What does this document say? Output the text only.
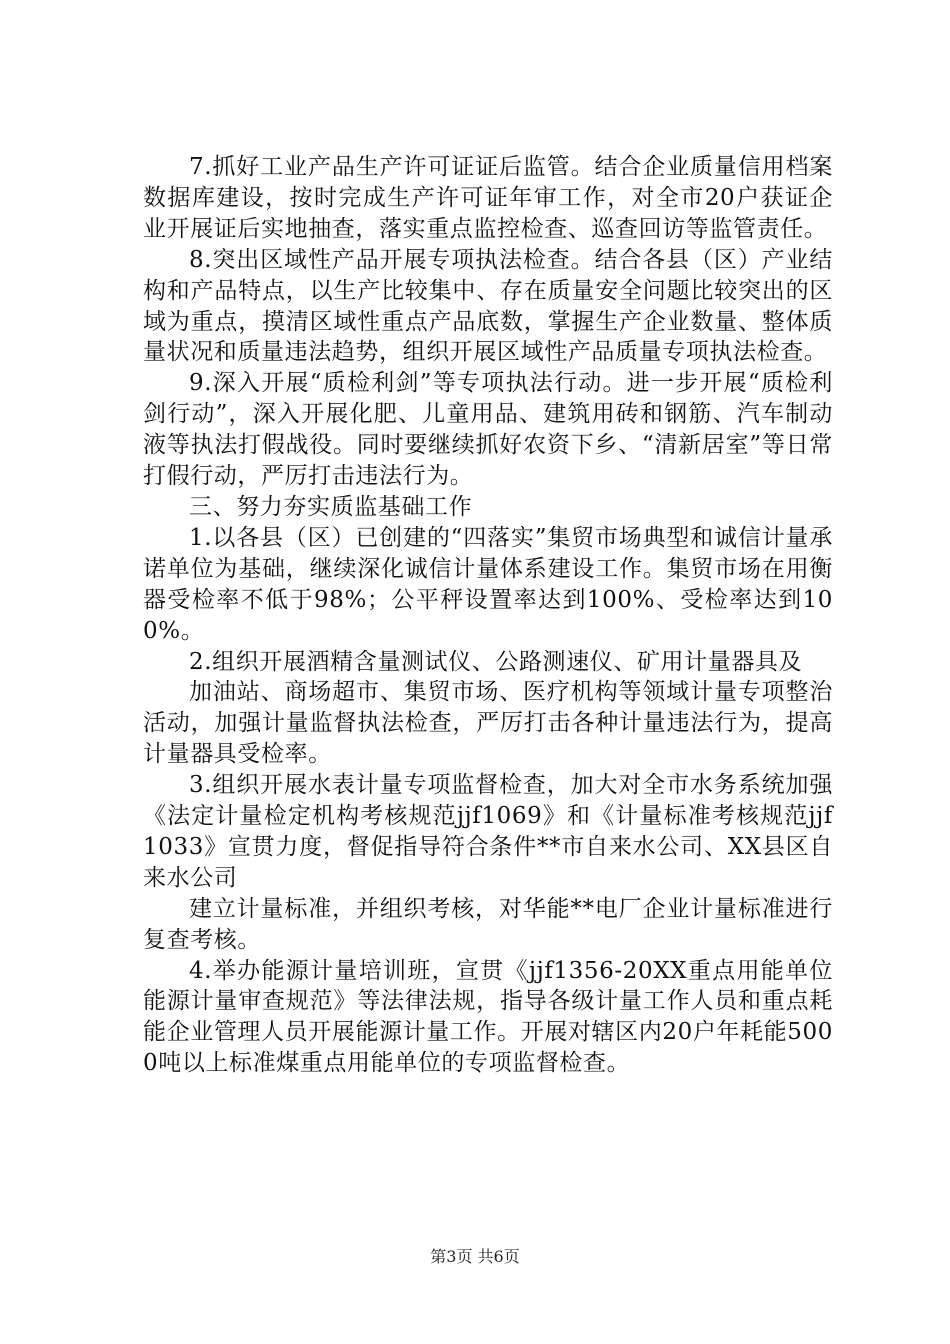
7.抓好工业产品生产许可证证后监管。结合企业质量信用档案数据库建设，按时完成生产许可证年审工作，对全市20户获证企业开展证后实地抽查，落实重点监控检查、巡查回访等监管责任。

8.突出区域性产品开展专项执法检查。结合各县（区）产业结构和产品特点，以生产比较集中、存在质量安全问题比较突出的区域为重点，摸清区域性重点产品底数，掌握生产企业数量、整体质量状况和质量违法趋势，组织开展区域性产品质量专项执法检查。

9.深入开展“质检利剑”等专项执法行动。进一步开展“质检利剑行动”，深入开展化肥、儿童用品、建筑用砖和钢筋、汽车制动液等执法打假战役。同时要继续抓好农资下乡、“清新居室”等日常打假行动，严厉打击违法行为。

三、努力夯实质监基础工作

1.以各县（区）已创建的“四落实”集贸市场典型和诚信计量承诺单位为基础，继续深化诚信计量体系建设工作。集贸市场在用衡器受检率不低于98%；公平秤设置率达到100%、受检率达到100%。

2.组织开展酒精含量测试仪、公路测速仪、矿用计量器具及

加油站、商场超市、集贸市场、医疗机构等领域计量专项整治活动，加强计量监督执法检查，严厉打击各种计量违法行为，提高计量器具受检率。

3.组织开展水表计量专项监督检查，加大对全市水务系统加强《法定计量检定机构考核规范jjf1069》和《计量标准考核规范jjf1033》宣贯力度，督促指导符合条件**市自来水公司、XX县区自来水公司

建立计量标准，并组织考核，对华能**电厂企业计量标准进行复查考核。

4.举办能源计量培训班，宣贯《jjf1356-20XX重点用能单位能源计量审查规范》等法律法规，指导各级计量工作人员和重点耗能企业管理人员开展能源计量工作。开展对辖区内20户年耗能5000吨以上标准煤重点用能单位的专项监督检查。

第3页 共6页
